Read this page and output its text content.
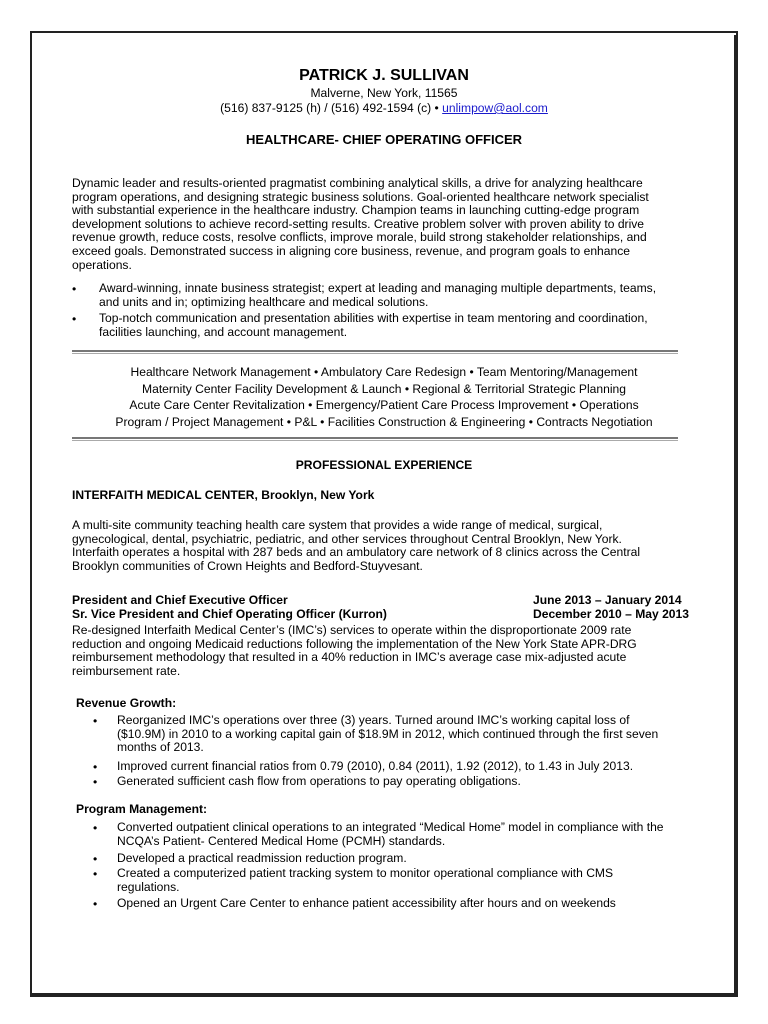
PATRICK J. SULLIVAN
Malverne, New York, 11565
(516) 837-9125 (h) / (516) 492-1594 (c) • unlimpow@aol.com
HEALTHCARE- CHIEF OPERATING OFFICER
Dynamic leader and results-oriented pragmatist combining analytical skills, a drive for analyzing healthcare
program operations, and designing strategic business solutions. Goal-oriented healthcare network specialist
with substantial experience in the healthcare industry. Champion teams in launching cutting-edge program
development solutions to achieve record-setting results. Creative problem solver with proven ability to drive
revenue growth, reduce costs, resolve conflicts, improve morale, build strong stakeholder relationships, and
exceed goals. Demonstrated success in aligning core business, revenue, and program goals to enhance
operations.
• Award-winning, innate business strategist; expert at leading and managing multiple departments, teams,
and units and in; optimizing healthcare and medical solutions.
• Top-notch communication and presentation abilities with expertise in team mentoring and coordination,
facilities launching, and account management.
Healthcare Network Management • Ambulatory Care Redesign • Team Mentoring/Management
Maternity Center Facility Development & Launch • Regional & Territorial Strategic Planning
Acute Care Center Revitalization • Emergency/Patient Care Process Improvement • Operations
Program / Project Management • P&L • Facilities Construction & Engineering • Contracts Negotiation
PROFESSIONAL EXPERIENCE
INTERFAITH MEDICAL CENTER, Brooklyn, New York
A multi-site community teaching health care system that provides a wide range of medical, surgical,
gynecological, dental, psychiatric, pediatric, and other services throughout Central Brooklyn, New York.
Interfaith operates a hospital with 287 beds and an ambulatory care network of 8 clinics across the Central
Brooklyn communities of Crown Heights and Bedford-Stuyvesant.
President and Chief Executive Officer	June 2013 – January 2014
Sr. Vice President and Chief Operating Officer (Kurron)	December 2010 – May 2013
Re-designed Interfaith Medical Center’s (IMC’s) services to operate within the disproportionate 2009 rate
reduction and ongoing Medicaid reductions following the implementation of the New York State APR-DRG
reimbursement methodology that resulted in a 40% reduction in IMC’s average case mix-adjusted acute
reimbursement rate.
Revenue Growth:
• Reorganized IMC’s operations over three (3) years. Turned around IMC’s working capital loss of
($10.9M) in 2010 to a working capital gain of $18.9M in 2012, which continued through the first seven
months of 2013.
• Improved current financial ratios from 0.79 (2010), 0.84 (2011), 1.92 (2012), to 1.43 in July 2013.
• Generated sufficient cash flow from operations to pay operating obligations.
Program Management:
• Converted outpatient clinical operations to an integrated “Medical Home” model in compliance with the
NCQA’s Patient- Centered Medical Home (PCMH) standards.
• Developed a practical readmission reduction program.
• Created a computerized patient tracking system to monitor operational compliance with CMS
regulations.
• Opened an Urgent Care Center to enhance patient accessibility after hours and on weekends
